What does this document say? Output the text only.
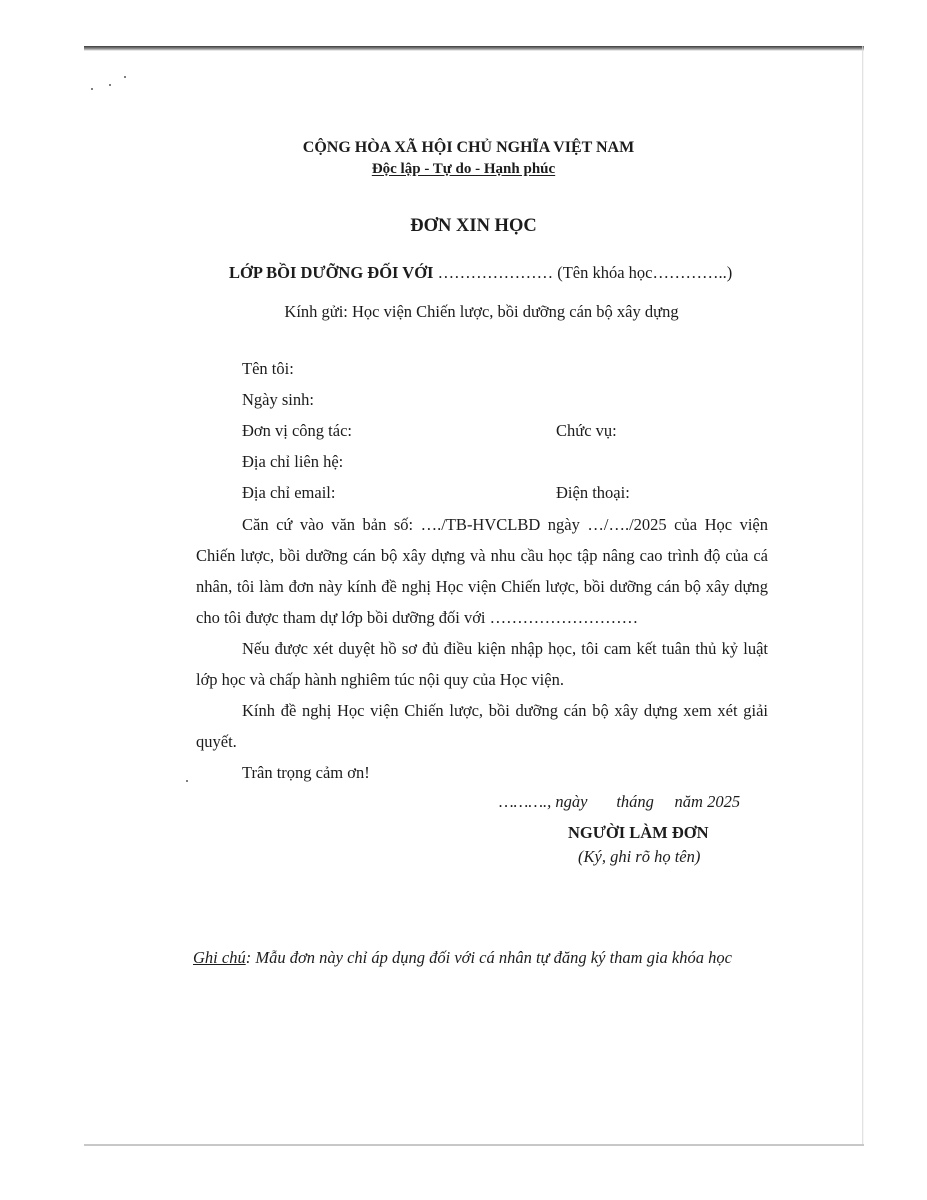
CỘNG HÒA XÃ HỘI CHỦ NGHĨA VIỆT NAM
Độc lập - Tự do - Hạnh phúc
ĐƠN XIN HỌC
LỚP BỒI DƯỠNG ĐỐI VỚI ………………… (Tên khóa học…………..)
Kính gửi: Học viện Chiến lược, bồi dưỡng cán bộ xây dựng
Tên tôi:
Ngày sinh:
Đơn vị công tác:	Chức vụ:
Địa chỉ liên hệ:
Địa chỉ email:	Điện thoại:
Căn cứ vào văn bản số: …./TB-HVCLBD ngày …/…./2025 của Học viện Chiến lược, bồi dưỡng cán bộ xây dựng và nhu cầu học tập nâng cao trình độ của cá nhân, tôi làm đơn này kính đề nghị Học viện Chiến lược, bồi dưỡng cán bộ xây dựng cho tôi được tham dự lớp bồi dưỡng đối với ………………………
Nếu được xét duyệt hồ sơ đủ điều kiện nhập học, tôi cam kết tuân thủ kỷ luật lớp học và chấp hành nghiêm túc nội quy của Học viện.
Kính đề nghị Học viện Chiến lược, bồi dưỡng cán bộ xây dựng xem xét giải quyết.
Trân trọng cảm ơn!
………., ngày       tháng     năm 2025
NGƯỜI LÀM ĐƠN
(Ký, ghi rõ họ tên)
Ghi chú: Mẫu đơn này chỉ áp dụng đối với cá nhân tự đăng ký tham gia khóa học
